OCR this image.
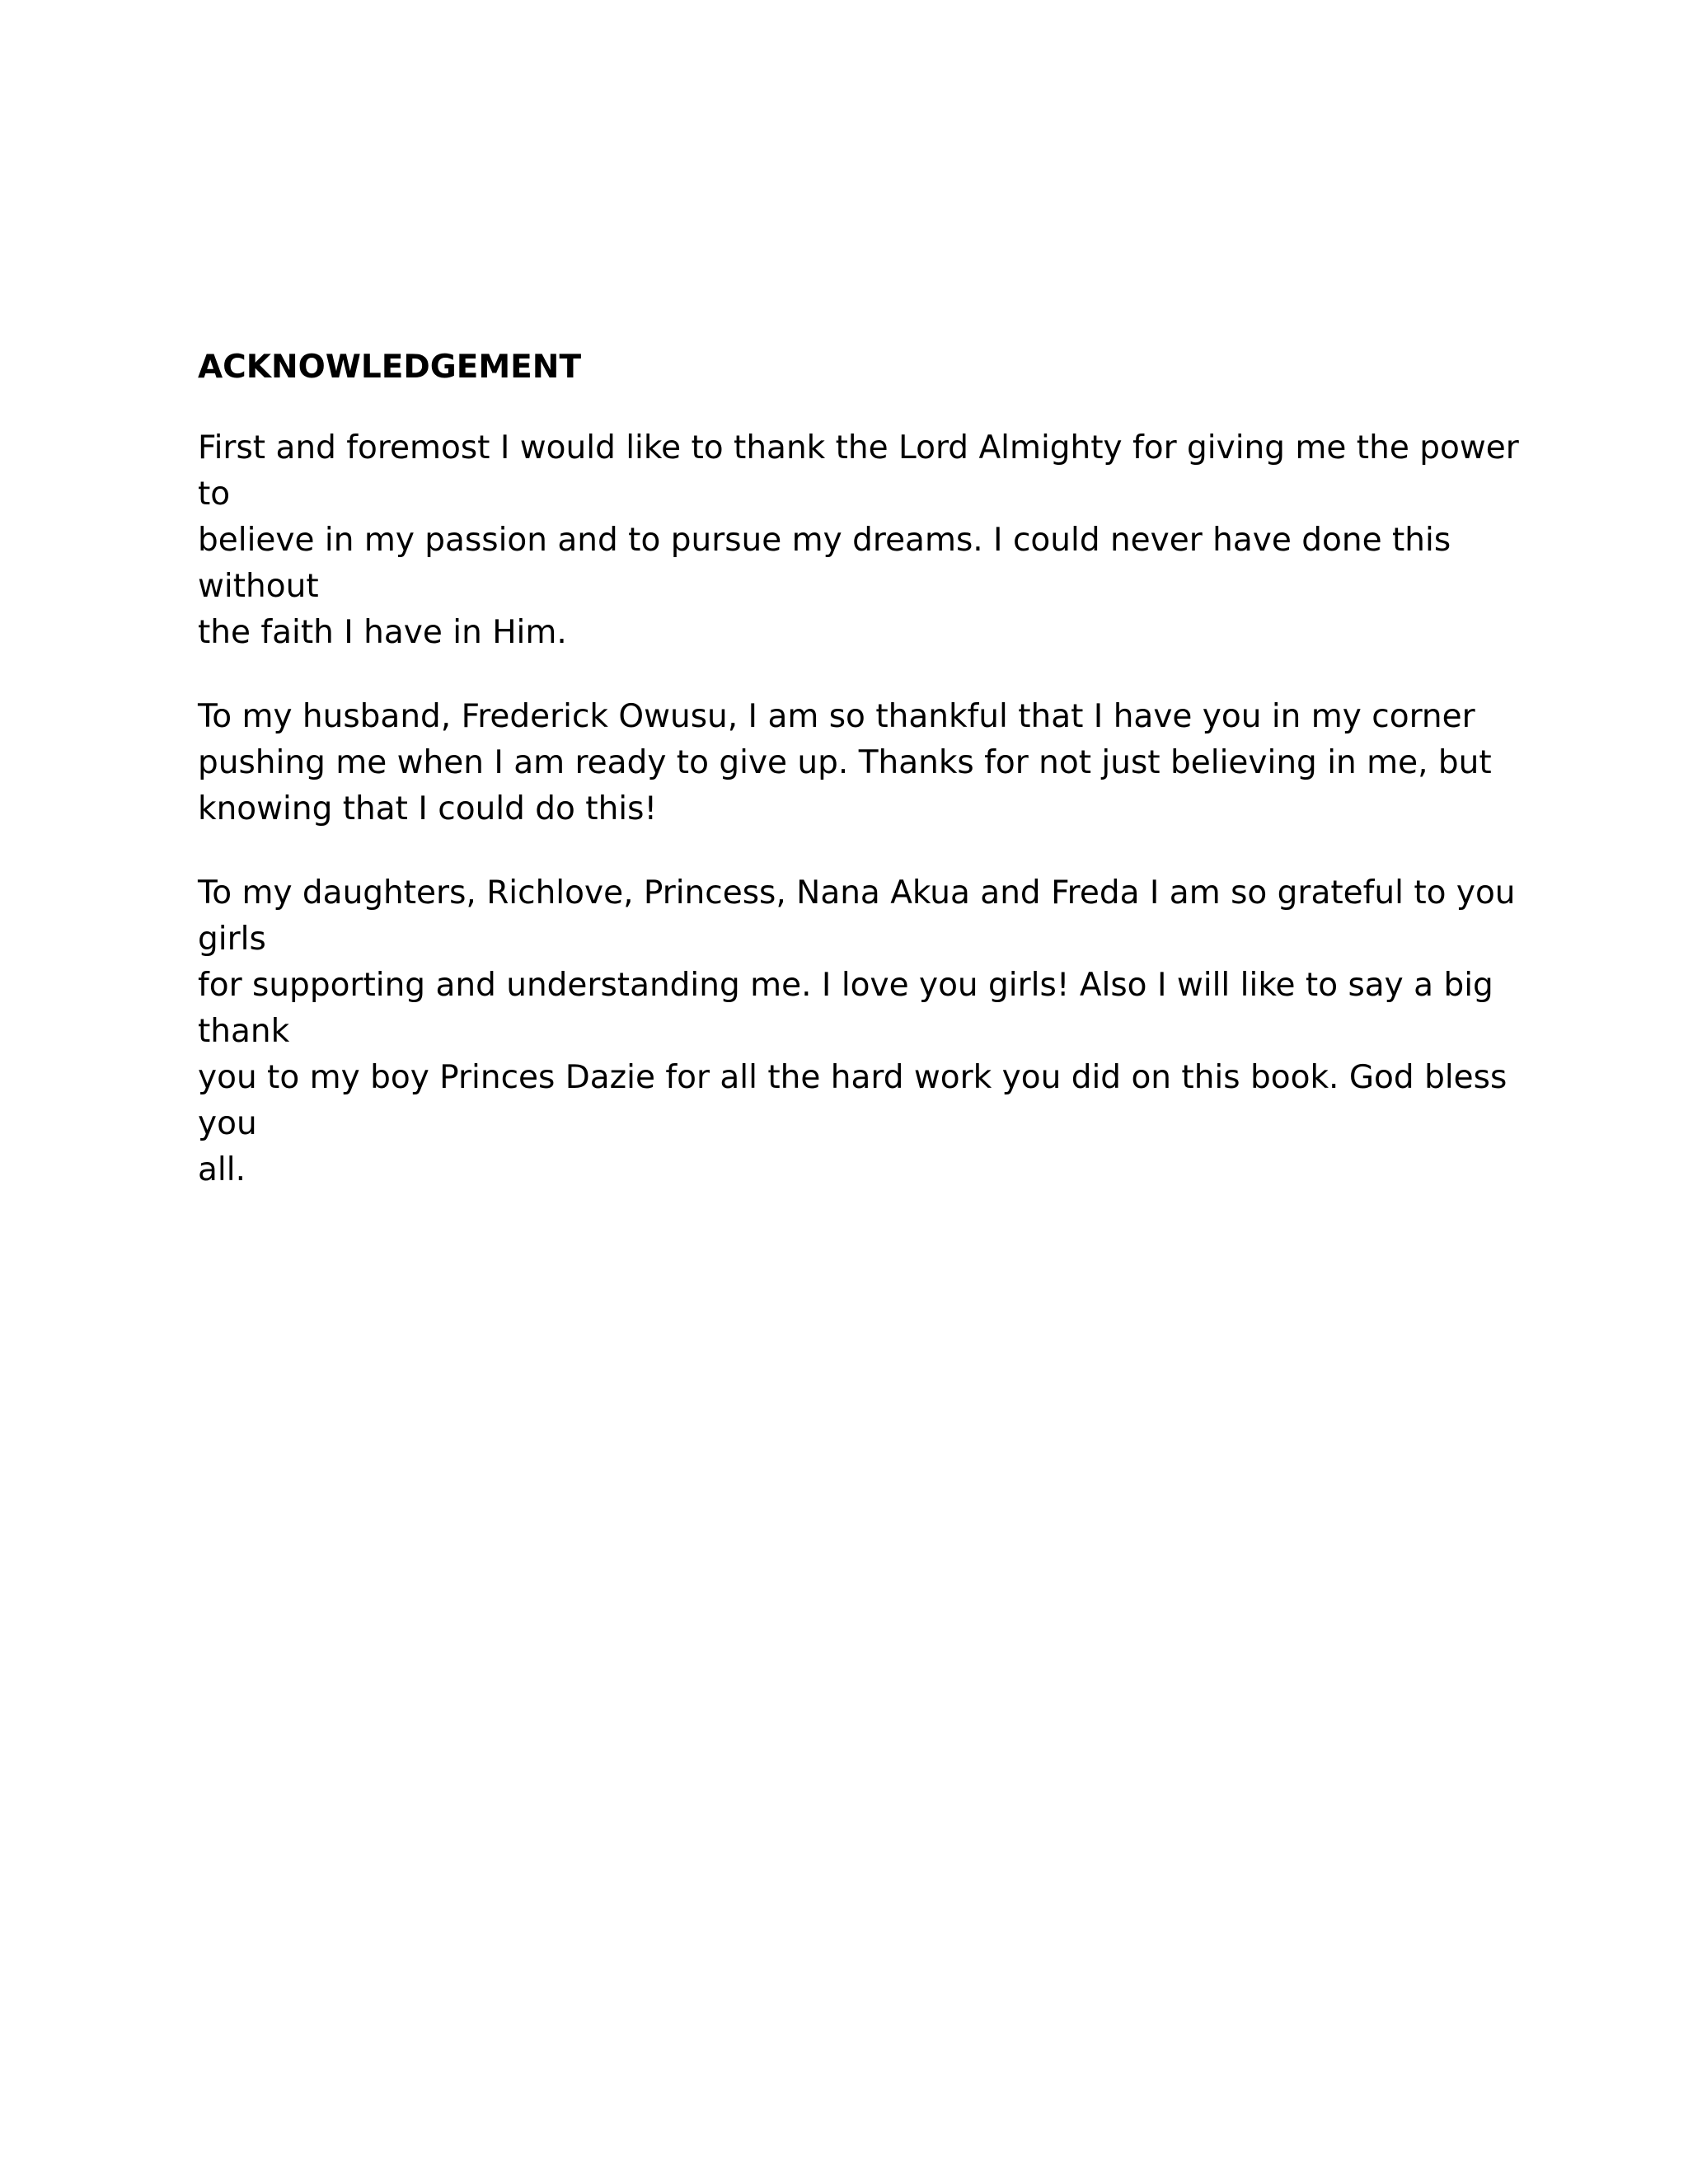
ACKNOWLEDGEMENT

First and foremost I would like to thank the Lord Almighty for giving me the power to
believe in my passion and to pursue my dreams. I could never have done this without
the faith I have in Him.

To my husband, Frederick Owusu, I am so thankful that I have you in my corner
pushing me when I am ready to give up. Thanks for not just believing in me, but
knowing that I could do this!

To my daughters, Richlove, Princess, Nana Akua and Freda I am so grateful to you girls
for supporting and understanding me. I love you girls! Also I will like to say a big thank
you to my boy Princes Dazie for all the hard work you did on this book. God bless you
all.
